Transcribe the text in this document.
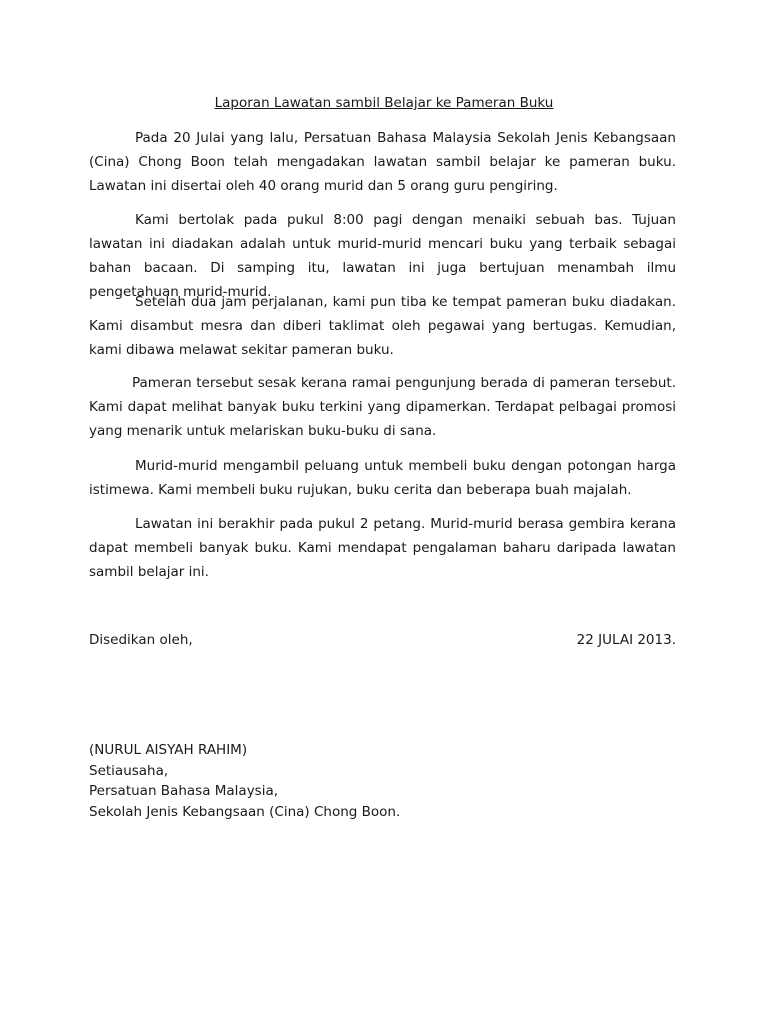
Laporan Lawatan sambil Belajar ke Pameran Buku

Pada 20 Julai yang lalu, Persatuan Bahasa Malaysia Sekolah Jenis Kebangsaan (Cina) Chong Boon telah mengadakan lawatan sambil belajar ke pameran buku. Lawatan ini disertai oleh 40 orang murid dan 5 orang guru pengiring.

Kami bertolak pada pukul 8:00 pagi dengan menaiki sebuah bas. Tujuan lawatan ini diadakan adalah untuk murid-murid mencari buku yang terbaik sebagai bahan bacaan. Di samping itu, lawatan ini juga bertujuan menambah ilmu pengetahuan murid-murid.

Setelah dua jam perjalanan, kami pun tiba ke tempat pameran buku diadakan. Kami disambut mesra dan diberi taklimat oleh pegawai yang bertugas. Kemudian, kami dibawa melawat sekitar pameran buku.

Pameran tersebut sesak kerana ramai pengunjung berada di pameran tersebut. Kami dapat melihat banyak buku terkini yang dipamerkan. Terdapat pelbagai promosi yang menarik untuk melariskan buku-buku di sana.

Murid-murid mengambil peluang untuk membeli buku dengan potongan harga istimewa. Kami membeli buku rujukan, buku cerita dan beberapa buah majalah.

Lawatan ini berakhir pada pukul 2 petang. Murid-murid berasa gembira kerana dapat membeli banyak buku. Kami mendapat pengalaman baharu daripada lawatan sambil belajar ini.

Disedikan oleh,	22 JULAI 2013.
(NURUL AISYAH RAHIM)
Setiausaha,
Persatuan Bahasa Malaysia,
Sekolah Jenis Kebangsaan (Cina) Chong Boon.
